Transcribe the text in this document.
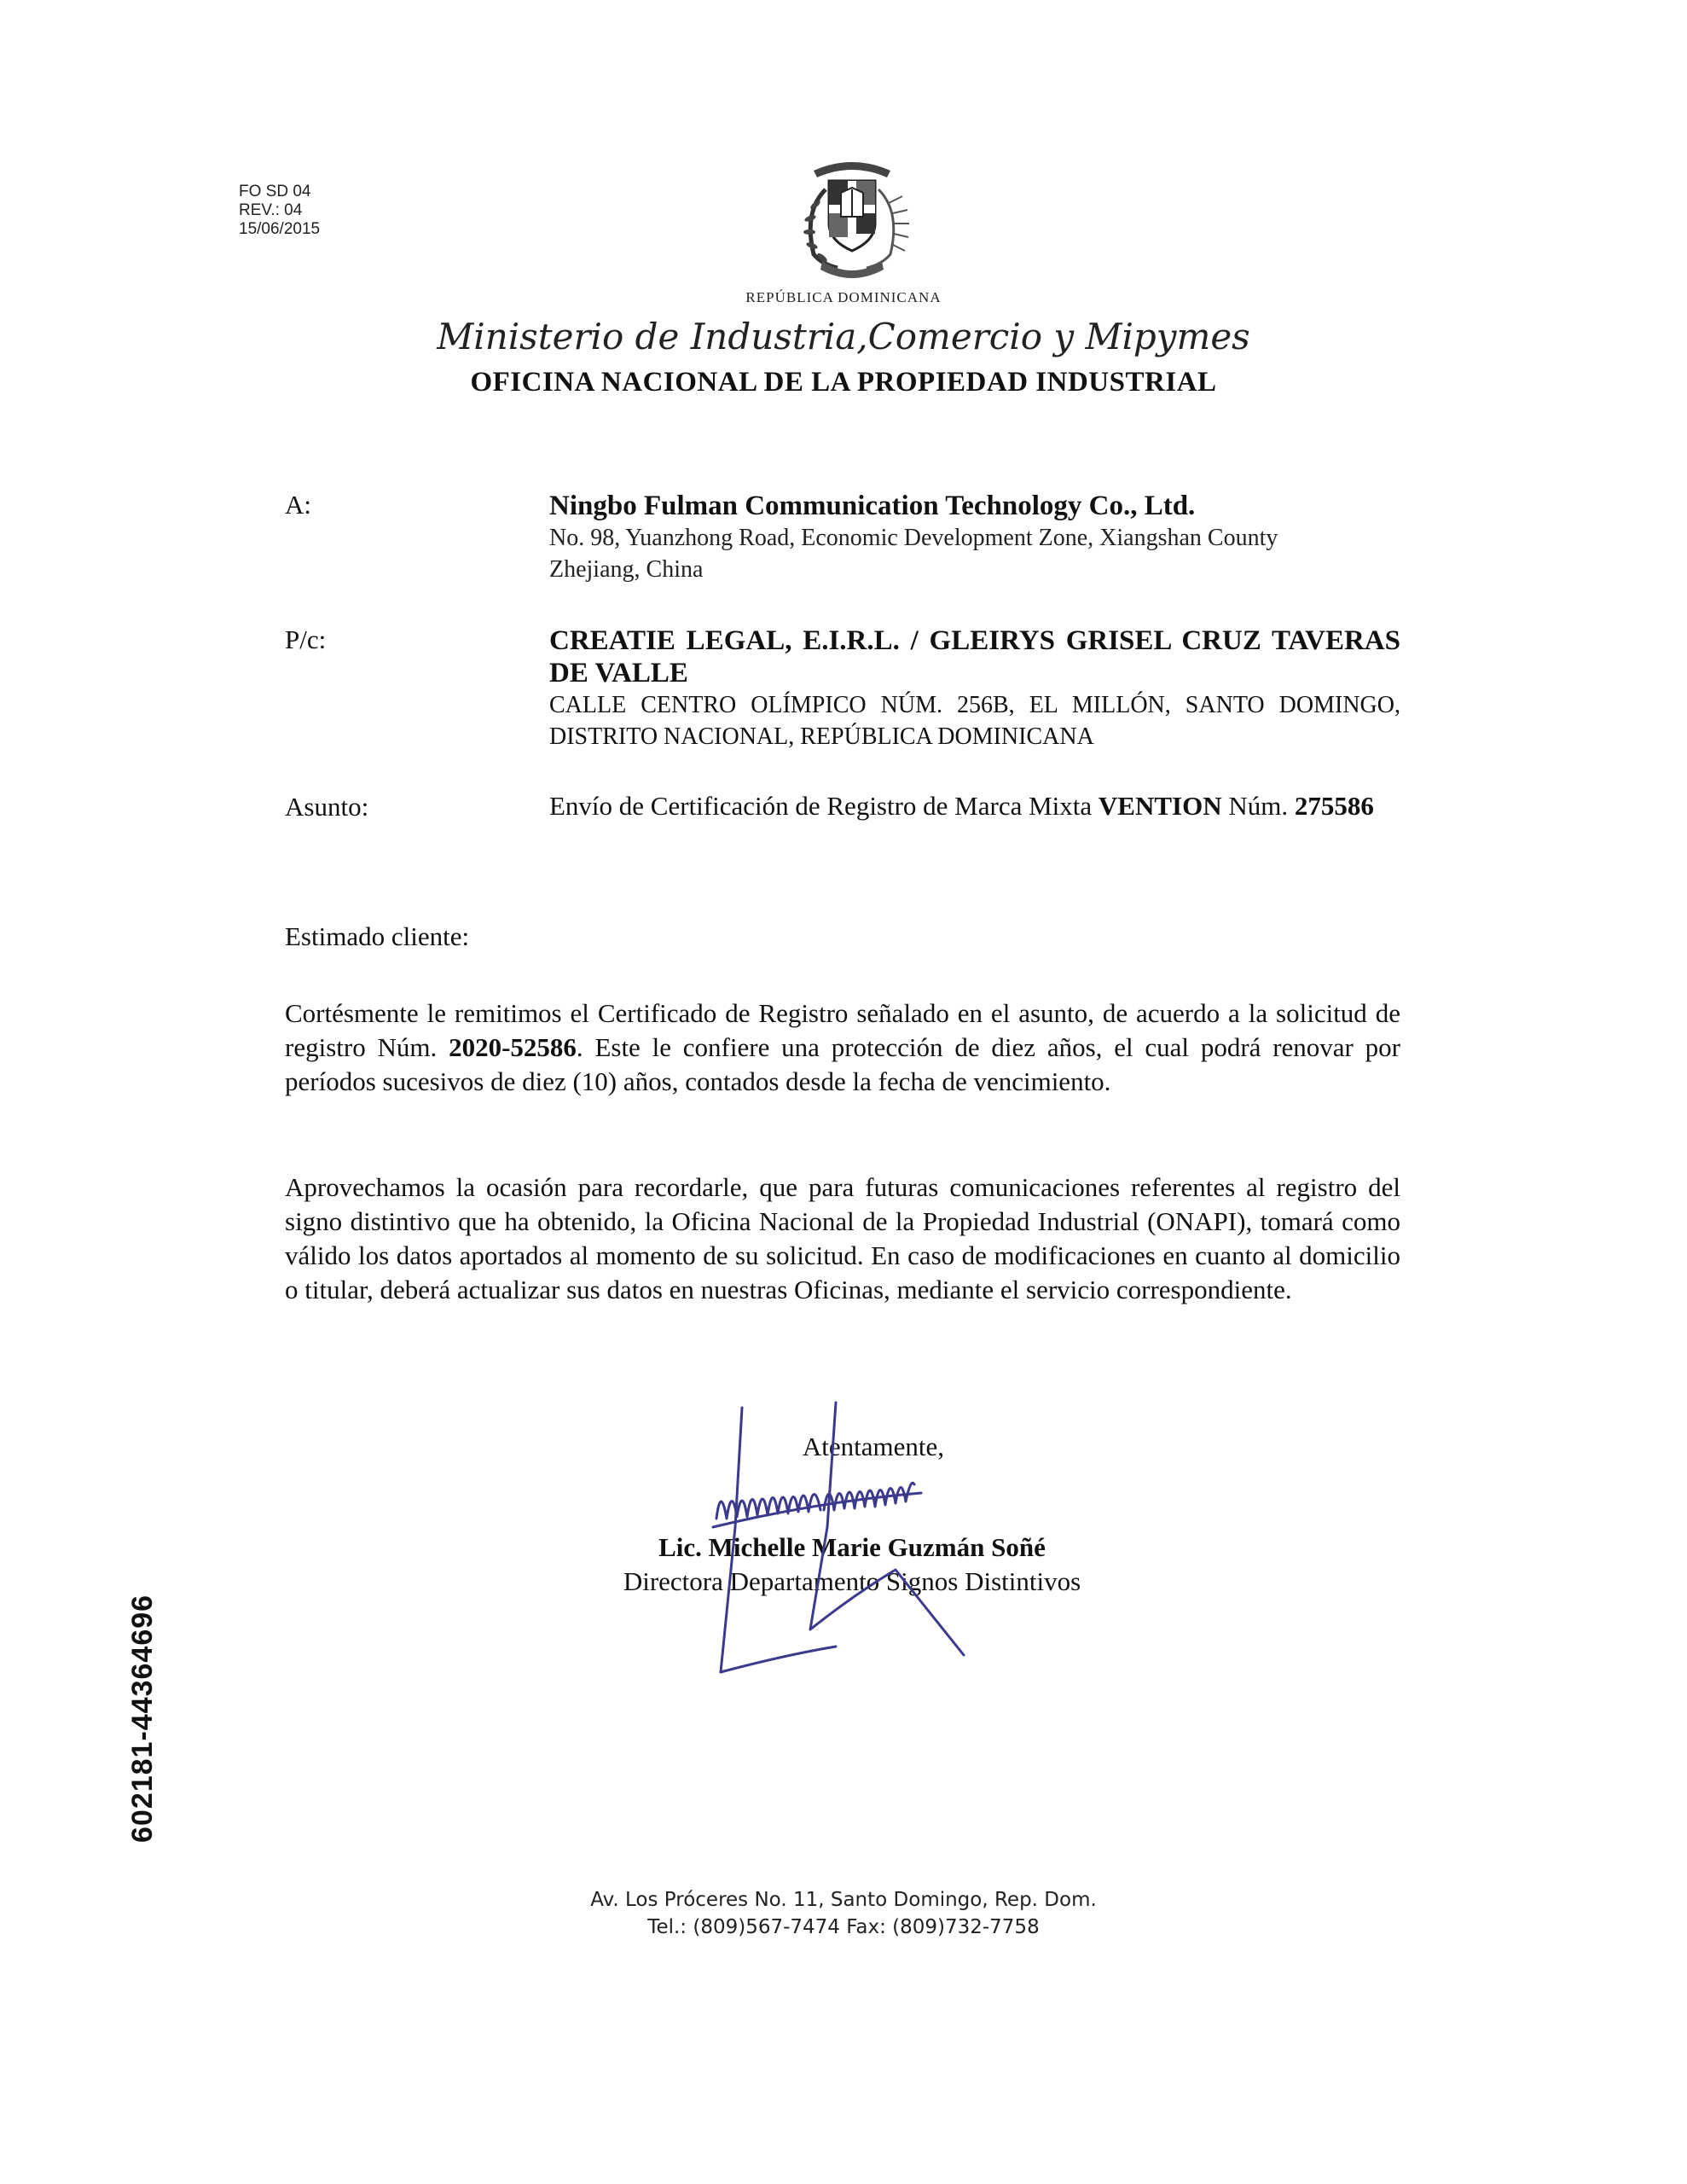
FO SD 04
REV.: 04
15/06/2015
REPÚBLICA DOMINICANA
Ministerio de Industria,Comercio y Mipymes
OFICINA NACIONAL DE LA PROPIEDAD INDUSTRIAL
A:	Ningbo Fulman Communication Technology Co., Ltd.
No. 98, Yuanzhong Road, Economic Development Zone, Xiangshan County
Zhejiang, China
P/c:	CREATIE LEGAL, E.I.R.L. / GLEIRYS GRISEL CRUZ TAVERAS DE VALLE
CALLE CENTRO OLÍMPICO NÚM. 256B, EL MILLÓN, SANTO DOMINGO, DISTRITO NACIONAL, REPÚBLICA DOMINICANA
Asunto:	Envío de Certificación de Registro de Marca Mixta VENTION Núm. 275586
Estimado cliente:
Cortésmente le remitimos el Certificado de Registro señalado en el asunto, de acuerdo a la solicitud de registro Núm. 2020-52586. Este le confiere una protección de diez años, el cual podrá renovar por períodos sucesivos de diez (10) años, contados desde la fecha de vencimiento.
Aprovechamos la ocasión para recordarle, que para futuras comunicaciones referentes al registro del signo distintivo que ha obtenido, la Oficina Nacional de la Propiedad Industrial (ONAPI), tomará como válido los datos aportados al momento de su solicitud. En caso de modificaciones en cuanto al domicilio o titular, deberá actualizar sus datos en nuestras Oficinas, mediante el servicio correspondiente.
Atentamente,
Lic. Michelle Marie Guzmán Soñé
Directora Departamento Signos Distintivos
602181-44364696
Av. Los Próceres No. 11, Santo Domingo, Rep. Dom.
Tel.: (809)567-7474 Fax: (809)732-7758
